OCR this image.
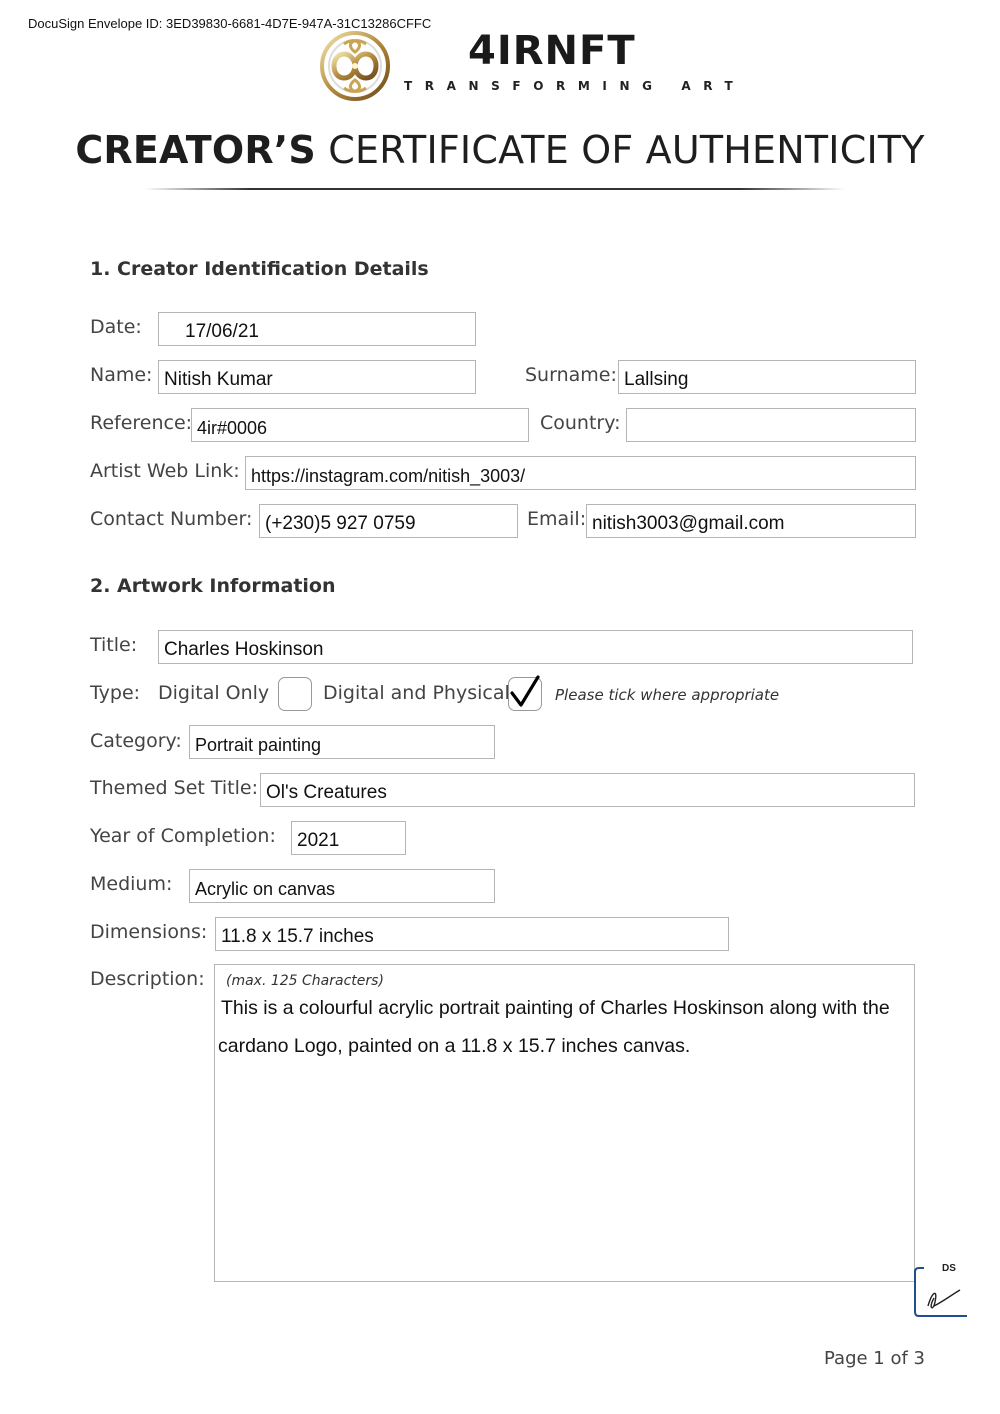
DocuSign Envelope ID: 3ED39830-6681-4D7E-947A-31C13286CFFC
4IRNFT
TRANSFORMING ART
CREATOR’S CERTIFICATE OF AUTHENTICITY
1. Creator Identification Details
Date:	17/06/21
Name: Nitish Kumar	Surname: Lallsing
Reference: 4ir#0006	Country:
Artist Web Link: https://instagram.com/nitish_3003/
Contact Number: (+230)5 927 0759	Email: nitish3003@gmail.com
2. Artwork Information
Title:	Charles Hoskinson
Type: Digital Only	Digital and Physical	Please tick where appropriate
Category: Portrait painting
Themed Set Title: Ol's Creatures
Year of Completion:	2021
Medium:	Acrylic on canvas
Dimensions: 11.8 x 15.7 inches
Description: (max. 125 Characters)
This is a colourful acrylic portrait painting of Charles Hoskinson along with the
cardano Logo, painted on a 11.8 x 15.7 inches canvas.
DS
Page 1 of 3
